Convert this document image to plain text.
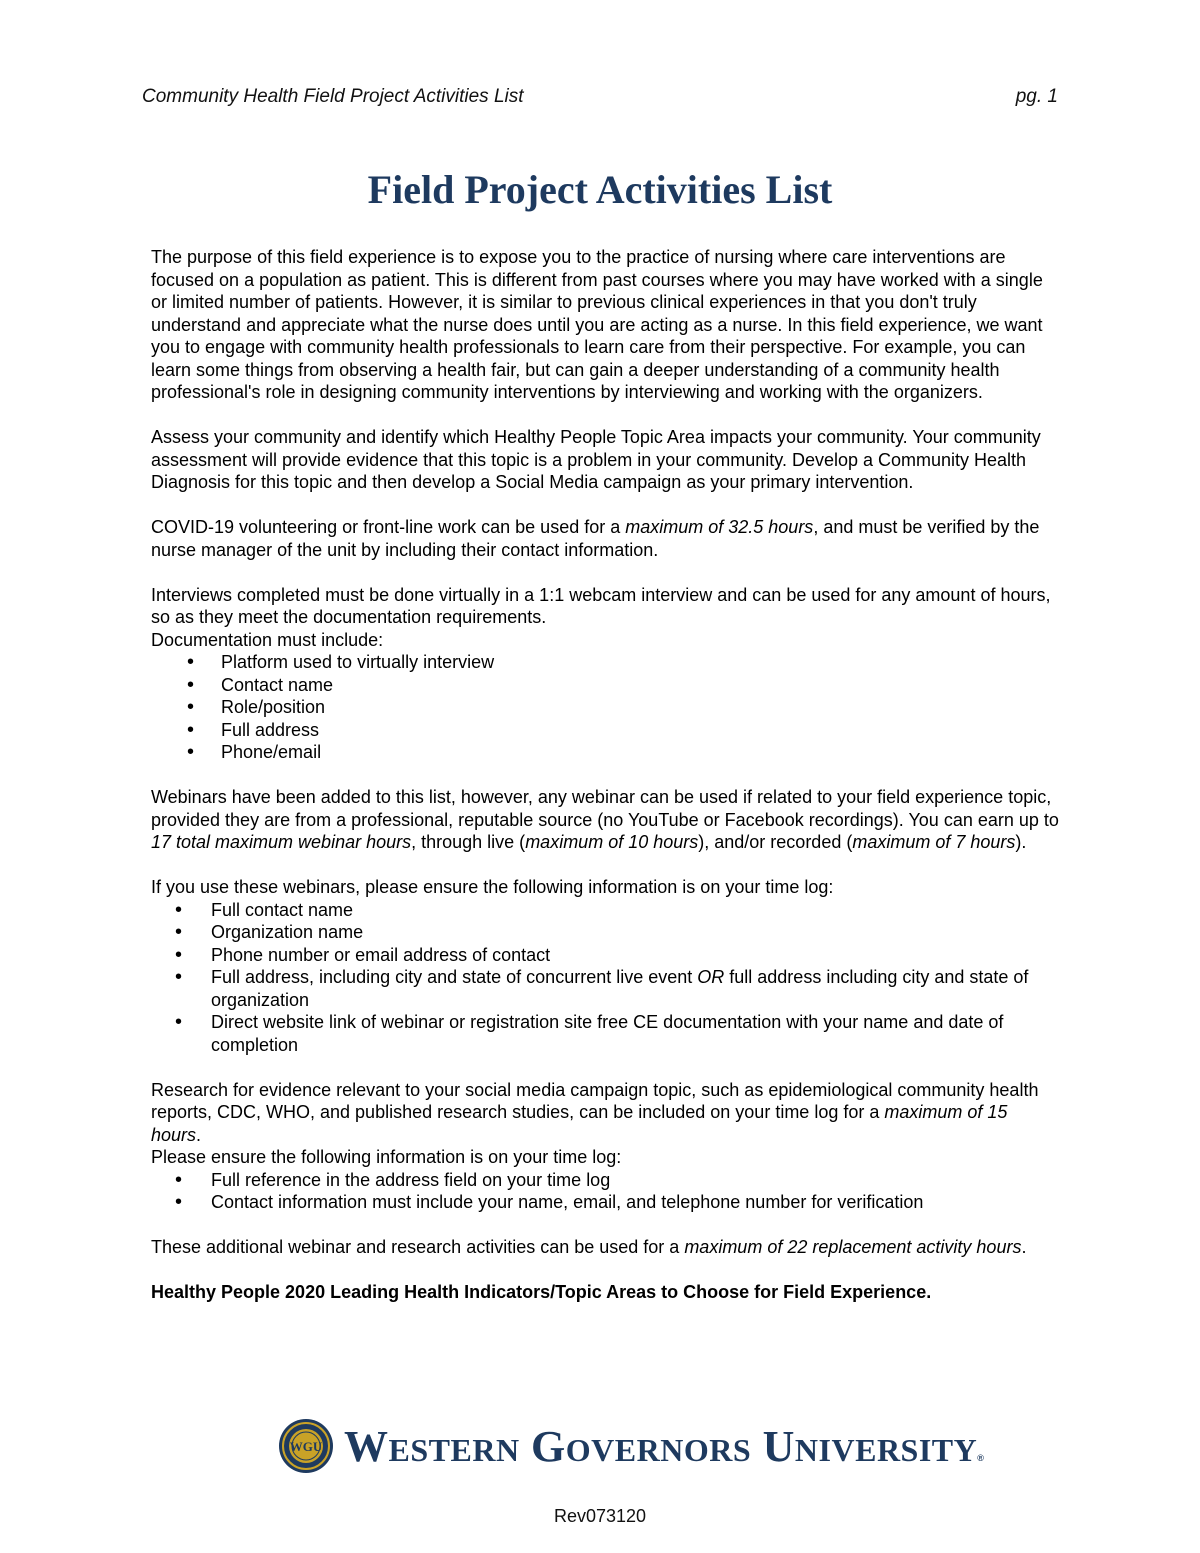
Community Health Field Project Activities List	pg. 1
Field Project Activities List

The purpose of this field experience is to expose you to the practice of nursing where care interventions are focused on a population as patient. This is different from past courses where you may have worked with a single or limited number of patients. However, it is similar to previous clinical experiences in that you don't truly understand and appreciate what the nurse does until you are acting as a nurse. In this field experience, we want you to engage with community health professionals to learn care from their perspective. For example, you can learn some things from observing a health fair, but can gain a deeper understanding of a community health professional's role in designing community interventions by interviewing and working with the organizers.

Assess your community and identify which Healthy People Topic Area impacts your community. Your community assessment will provide evidence that this topic is a problem in your community. Develop a Community Health Diagnosis for this topic and then develop a Social Media campaign as your primary intervention.

COVID-19 volunteering or front-line work can be used for a maximum of 32.5 hours, and must be verified by the nurse manager of the unit by including their contact information.

Interviews completed must be done virtually in a 1:1 webcam interview and can be used for any amount of hours, so as they meet the documentation requirements.

Documentation must include:

• Platform used to virtually interview
• Contact name
• Role/position
• Full address
• Phone/email

Webinars have been added to this list, however, any webinar can be used if related to your field experience topic, provided they are from a professional, reputable source (no YouTube or Facebook recordings). You can earn up to 17 total maximum webinar hours, through live (maximum of 10 hours), and/or recorded (maximum of 7 hours).

If you use these webinars, please ensure the following information is on your time log:

• Full contact name
• Organization name
• Phone number or email address of contact
• Full address, including city and state of concurrent live event OR full address including city and state of organization
• Direct website link of webinar or registration site free CE documentation with your name and date of completion

Research for evidence relevant to your social media campaign topic, such as epidemiological community health reports, CDC, WHO, and published research studies, can be included on your time log for a maximum of 15 hours.

Please ensure the following information is on your time log:

• Full reference in the address field on your time log
• Contact information must include your name, email, and telephone number for verification

These additional webinar and research activities can be used for a maximum of 22 replacement activity hours.

Healthy People 2020 Leading Health Indicators/Topic Areas to Choose for Field Experience.

WGU WESTERN GOVERNORS UNIVERSITY®
Rev073120
